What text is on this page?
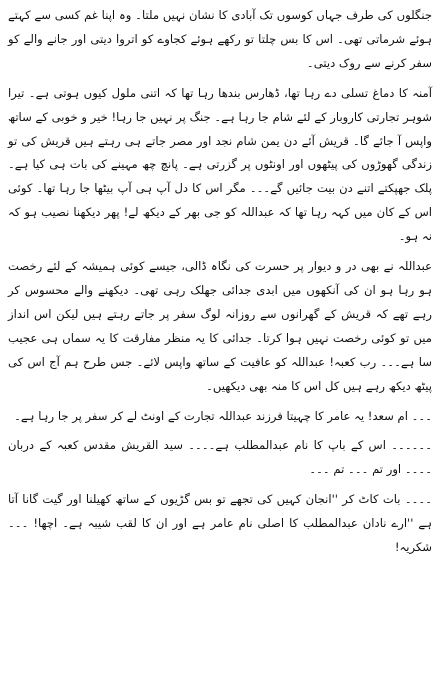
جنگلوں کی طرف جہاں کوسوں تک آبادی کا نشان نہیں ملتا۔ وہ اپنا غم کسی سے کہتے ہوئے شرماتی تھی۔ اس کا بس چلتا تو رکھے ہوئے کجاوے کو اتروا دیتی اور جانے والے کو سفر کرنے سے روک دیتی۔

آمنہ کا دماغ تسلی دے رہا تھا، ڈھارس بندھا رہا تھا کہ اتنی ملول کیوں ہوتی ہے۔ تیرا شوہر تجارتی کاروبار کے لئے شام جا رہا ہے۔ جنگ پر نہیں جا رہا! خیر و خوبی کے ساتھ واپس آ جائے گا۔ قریش آئے دن یمن شام نجد اور مصر جاتے ہی رہتے ہیں قریش کی تو زندگی گھوڑوں کی پیٹھوں اور اونٹوں پر گزرتی ہے۔ پانچ چھ مہینے کی بات ہی کیا ہے۔ پلک جھپکتے اتنے دن بیت جائیں گے۔۔۔ مگر اس کا دل آپ ہی آپ بیٹھا جا رہا تھا۔ کوئی اس کے کان میں کہہ رہا تھا کہ عبداللہ کو جی بھر کے دیکھ لے! پھر دیکھنا نصیب ہو کہ نہ ہو۔

عبداللہ نے بھی در و دیوار پر حسرت کی نگاہ ڈالی، جیسے کوئی ہمیشہ کے لئے رخصت ہو رہا ہو ان کی آنکھوں میں ابدی جدائی جھلک رہی تھی۔ دیکھنے والے محسوس کر رہے تھے کہ قریش کے گھرانوں سے روزانہ لوگ سفر پر جاتے رہتے ہیں لیکن اس انداز میں تو کوئی رخصت نہیں ہوا کرتا۔ جدائی کا یہ منظر مفارقت کا یہ سماں ہی عجیب سا ہے۔۔۔ رب کعبہ! عبداللہ کو عافیت کے ساتھ واپس لائے۔ جس طرح ہم آج اس کی پیٹھ دیکھ رہے ہیں کل اس کا منہ بھی دیکھیں۔

۔۔۔ ام سعد! یہ عامر کا چہیتا فرزند عبداللہ تجارت کے اونٹ لے کر سفر پر جا رہا ہے۔

۔۔۔۔۔۔ اس کے باپ کا نام عبدالمطلب ہے۔۔۔۔ سید القریش مقدس کعبہ کے دربان ۔۔۔۔ اور تم ۔۔۔ تم ۔۔۔

۔۔۔۔ بات کاٹ کر ''انجان کہیں کی تجھے تو بس گڑیوں کے ساتھ کھیلنا اور گیت گانا آتا ہے ''ارے نادان عبدالمطلب کا اصلی نام عامر ہے اور ان کا لقب شیبہ ہے۔ اچھا! ۔۔۔ شکریہ!
